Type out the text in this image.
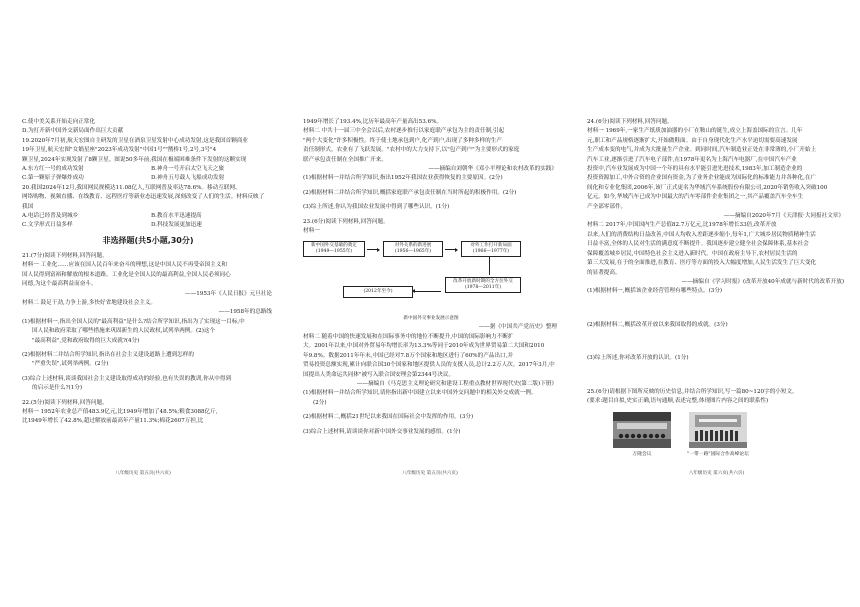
C.使中美关系开始走向正常化
D.为打开新中国外交新局面作出巨大贡献
19.2020年7月初,航天宏图自主研发的卫星在酒泉卫星发射中心成功发射,这是我国首颗商业
19年卫星,航天宏图"女娲星座"2023年成功发射"中国1号""鹊桥1号,2号,3号"4
颗卫星,2024年实现发射了8颗卫星。图说50多年前,我国在极端困难条件下发射的这颗实现
A.东方红一号的成功发射	B.神舟一号开启太空飞天之旅
C.第一颗原子弹爆炸成功	D.神舟五号载人飞船成功发射
20.我国2024年12月,我国网民规模达11.08亿人,互联网普及率达78.6%。移动互联网、
网络购物、视频直播、在线教育、远程医疗等新业态迅速发展,深刻改变了人们的生活。材料反映了
我国
A.电话已经普及到城乡	B.教育水平迅速提高
C.文学形式日益多样	D.科技发展更加迅速
非选择题(共5小题,30分)
21.(7分)阅读下列材料,回答问题。
材料一 工业化……应该在国人民百年来奋斗的理想,这是中国人民不再受帝国主义和
国人民得到富裕和解放的根本道路。工业化是全国人民的最高利益,全国人民必须同心
同德,为这个最高利益而奋斗。
——1953年《人民日报》元旦社论
材料二 鼓足干劲,力争上游,多快好省地建设社会主义。
——1958年的总路线
(1)根据材料一,指出全国人民的"最高利益"是什么?结合所学知识,指出为了实现这一目标,中
国人民和政府采取了哪些措施来巩固新生的人民政权,试列举两例。(2)这个
"最高利益",党和政府取得的巨大成就?(4分)
(2)根据材料二并结合所学知识,指出在社会主义建设道路上遭到怎样的
"严重失误",试列举两例。(2分)
(3)综合上述材料,谈谈我国社会主义建设取得成功的经验,也有失误的教训,你从中得到
的启示是什么?(1分)
22.(5分)阅读下列材料,回答问题。
材料一 1952年农业总产值483.9亿元,比1949年增加了48.5%;粮食3088亿斤,
比1949年增长了42.8%,超过解放前最高年产量11.3%;棉花2607万担,比
八年级历史 第五页(共六页)
1949年增长了193.4%,比历年最高年产量高出53.6%。
材料二 中共十一届三中全会以后,农村逐步推行以家庭联产承包为主的责任制,引起
"两个大变化"许多积极性。终于使土地承包到户,化产到户,出现了多种多样的生产
责任制形式。农业有了飞跃发展。"农村中的大力支持下,以"包产到户"为主要形式的家庭
联产承包责任制在全国推广开来。
——摘编自刘朝华《邓小平理论和农村改革的实践》
(1)根据材料一并结合所学知识,指出1952年我国农业获得恢复的主要原因。(2分)
(2)根据材料二并结合所学知识,概括家庭联产承包责任制在当时所起的积极作用。(2分)
(3)综上所述,你认为我国农业发展中得到了哪些认识。(1分)
23.(6分)阅读下列材料,回答问题。
材料一
新中国外交基础的奠定
(1949—1955年)
对外关系的新进展
(1956—1965年)
对外工作打开新局面
(1966—1977年)
改革开放新时期的全方位外交
(1978—2011年)
(2012年至今)
新中国外交事业发展示意图
——据《中国共产党历史》整理
材料二 随着中国的快速发展和在国际事务中的地位不断提升,中国的国际影响力不断扩
大。2001年以来,中国对外贸易年均增长率为13.3%等同于2010年成为世界贸易第二大国和2010
年9.8%。数据2011年年末,中国已经对7.8万个国家和地区进行了60%的产品出口,并
贸易投资总额实现,累计向联合国30个国家和地区提供人员的支援人员,总计2.2万人次。2017年3月,中
国提出人类命运共同体"被写入联合国安理会第2344号决议。
——摘编自《马克思主义理论研究和建设工程重点教材世界现代史(第二版)下册》
(1)根据材料一并结合所学知识,请你指出新中国建立以来中国外交问题中的相关外交成就一例。
(2分)
(2)根据材料二,概括21世纪以来我国在国际社会中发挥的作用。(3分)
(3)综合上述材料,请谈谈你对新中国外交事业发展的感悟。(1分)
八年级历史 第五页(共六页)
24.(6分)阅读下列材料,回答问题。
材料一 1969年,一家生产纸质加油器的小厂在鞍山的诞生,成立上海盖国际的宣言。几年
元,职工和产品规格逐渐扩大,开始做鞋面。由于自身现代化生产水平迫切需要高速发展
生产成本变的电气,并成为大批量生产企业。到同时间,汽车制造业正处在非常薄的,小厂开始上
汽车工业,逐渐引进了汽车电子部件,在1978年更名为上海汽车电器厂,在中国汽车产业
投资中,汽车业发展成为中国一个年的具有水平能引进先进技术,1983年,加工制造企业的
投资资源加工,中外合资的企业国有资金,为了业务企业能成为国际化的标准能力并各种化,在广
间化和专业化集团,2006年,该厂正式更名为华域汽车系统股份有限公司,2020年销售收入突破100
亿元。如今,华域汽车已成为中国最大的汽车零部件企业集团之一,其产品覆盖汽车全车生
产全部零部件。
——摘编自2020年7月《天津报·大同报社文章》
材料二 2017年,中国国内生产总值82.7万亿元,比1978年增长33倍,改革开放
以来,人们的消费结构日益改善,中国人均收入差距逐步缩小,每年1,广大城乡居民物质精神生活
日益丰富,全体的人民对生活的满意度不断提升。我国逐步建立健全社会保障体系,基本社会
保障覆盖城乡居民,中国特色社会主义进入新时代。中国在政府主导下,农村居民生活的
第三大发展,在于的全面推进,在教育、医疗等方面的投入大幅度增加,人民生活发生了巨大变化
的显著提高。
——摘编自《学习时报》(改革开放40年成就与新时代的改革开放)
(1)根据材料一,概括该企业经营管理有哪些特点。(3分)
(2)根据材料二,概括改革开放以来我国取得的成就。(3分)
(3)综上所述,你对改革开放的认识。(1分)
25.(6分)请根据下图所反映的历史信息,并结合所学知识,写一篇80~120字的小短文。
(要求:题目自拟,史实正确,语句通顺,表述完整,体现图片内容之间的联系性)
万隆会议	"一带一路"国际合作高峰论坛
八年级历史 第六页(共六页)
